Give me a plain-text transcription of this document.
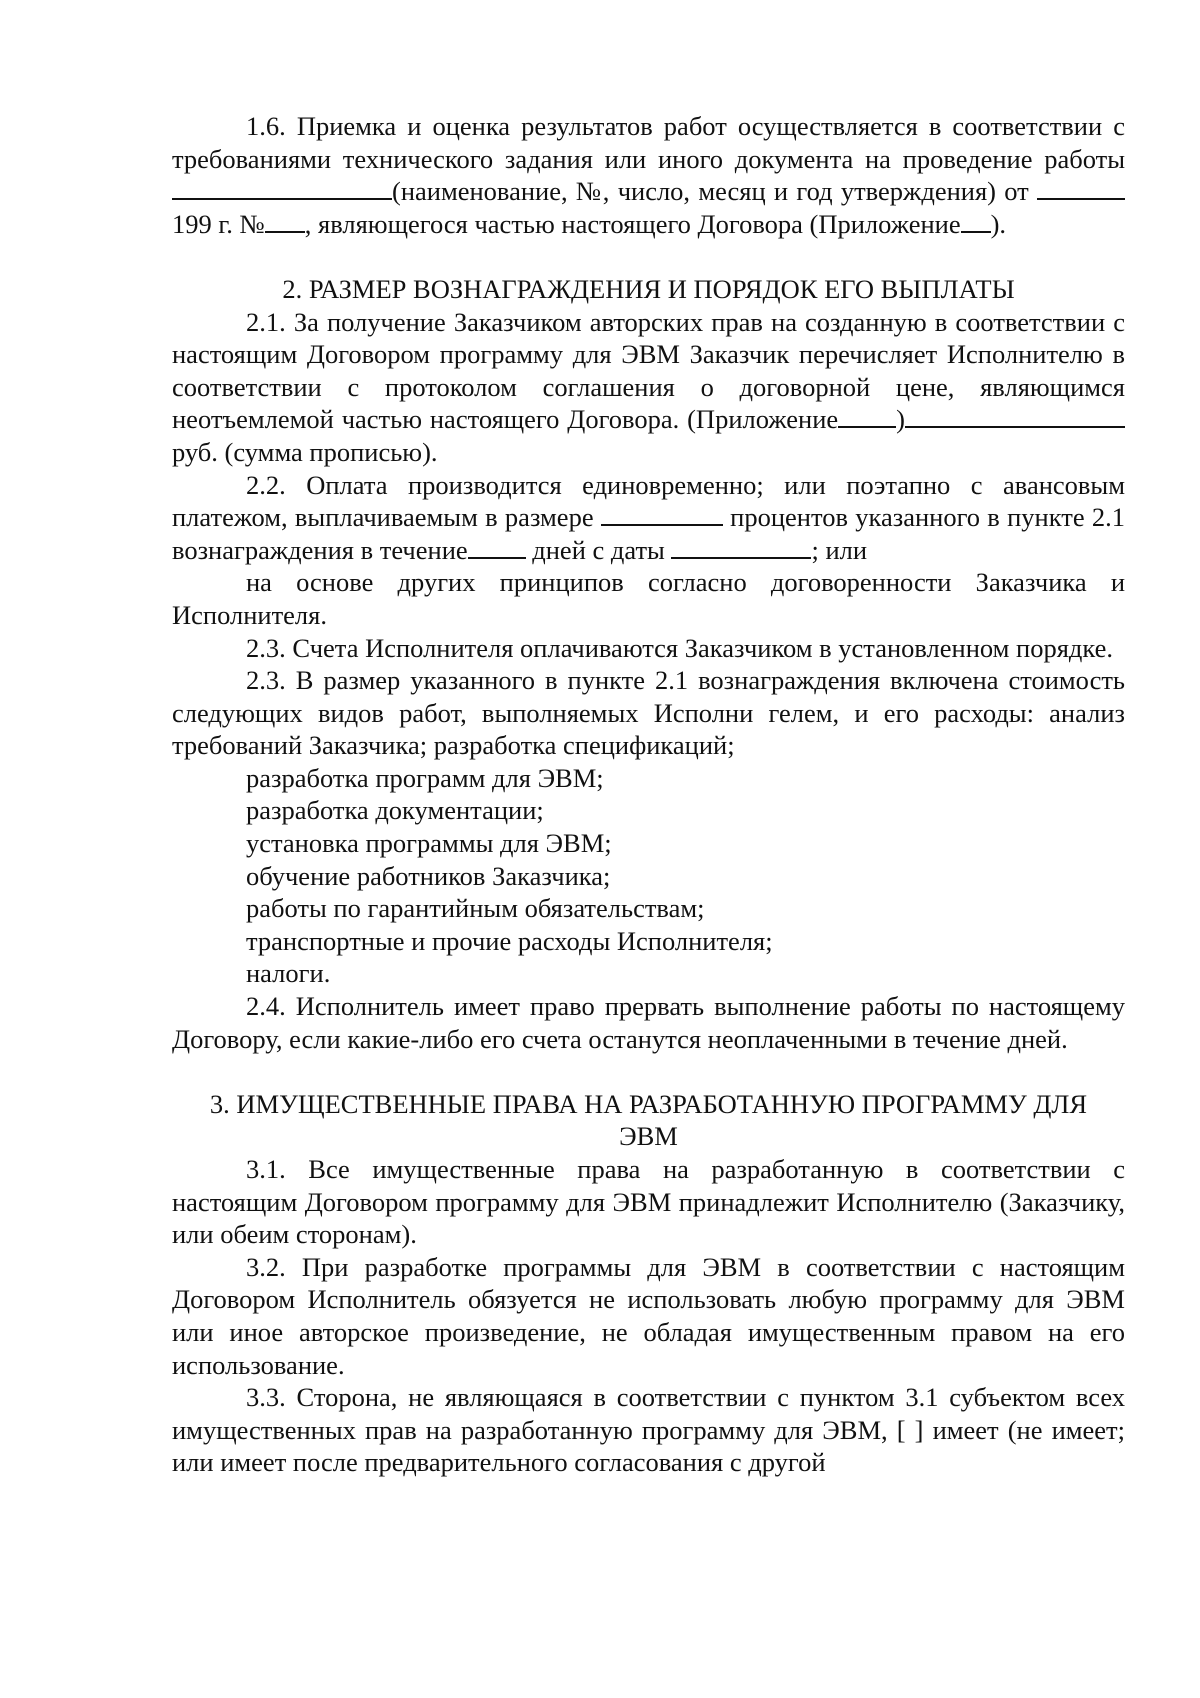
1.6. Приемка и оценка результатов работ осуществляется в соответствии с требованиями технического задания или иного документа на проведение работы(наименование, №, число, месяц и год утверждения) от  199 г. № , являющегося частью настоящего Договора (Приложение ).

2. РАЗМЕР ВОЗНАГРАЖДЕНИЯ И ПОРЯДОК ЕГО ВЫПЛАТЫ

2.1. За получение Заказчиком авторских прав на созданную в соответствии с настоящим Договором программу для ЭВМ Заказчик перечисляет Исполнителю в соответствии с протоколом соглашения о договорной цене, являющимся неотъемлемой частью настоящего Договора. (Приложение )руб. (сумма прописью).

2.2. Оплата производится единовременно; или поэтапно с авансовым платежом, выплачиваемым в размере	процентов указанного в пункте 2.1 вознаграждения в течение дней с даты	; или

на основе других принципов согласно договоренности Заказчика и Исполнителя.

2.3. Счета Исполнителя оплачиваются Заказчиком в установленном порядке.

2.3. В размер указанного в пункте 2.1 вознаграждения включена стоимость следующих видов работ, выполняемых Исполни гелем, и его расходы: анализ требований Заказчика; разработка спецификаций;

разработка программ для ЭВМ;

разработка документации;

установка программы для ЭВМ;

обучение работников Заказчика;

работы по гарантийным обязательствам;

транспортные и прочие расходы Исполнителя;

налоги.

2.4. Исполнитель имеет право прервать выполнение работы по настоящему Договору, если какие-либо его счета останутся неоплаченными в течение дней.

3. ИМУЩЕСТВЕННЫЕ ПРАВА НА РАЗРАБОТАННУЮ ПРОГРАММУ ДЛЯ ЭВМ

3.1. Все имущественные права на разработанную в соответствии с настоящим Договором программу для ЭВМ принадлежит Исполнителю (Заказчику, или обеим сторонам).

3.2. При разработке программы для ЭВМ в соответствии с настоящим Договором Исполнитель обязуется не использовать любую программу для ЭВМ или иное авторское произведение, не обладая имущественным правом на его использование.

3.3. Сторона, не являющаяся в соответствии с пунктом 3.1 субъектом всех имущественных прав на разработанную программу для ЭВМ, [ ] имеет (не имеет; или имеет после предварительного согласования с другой
